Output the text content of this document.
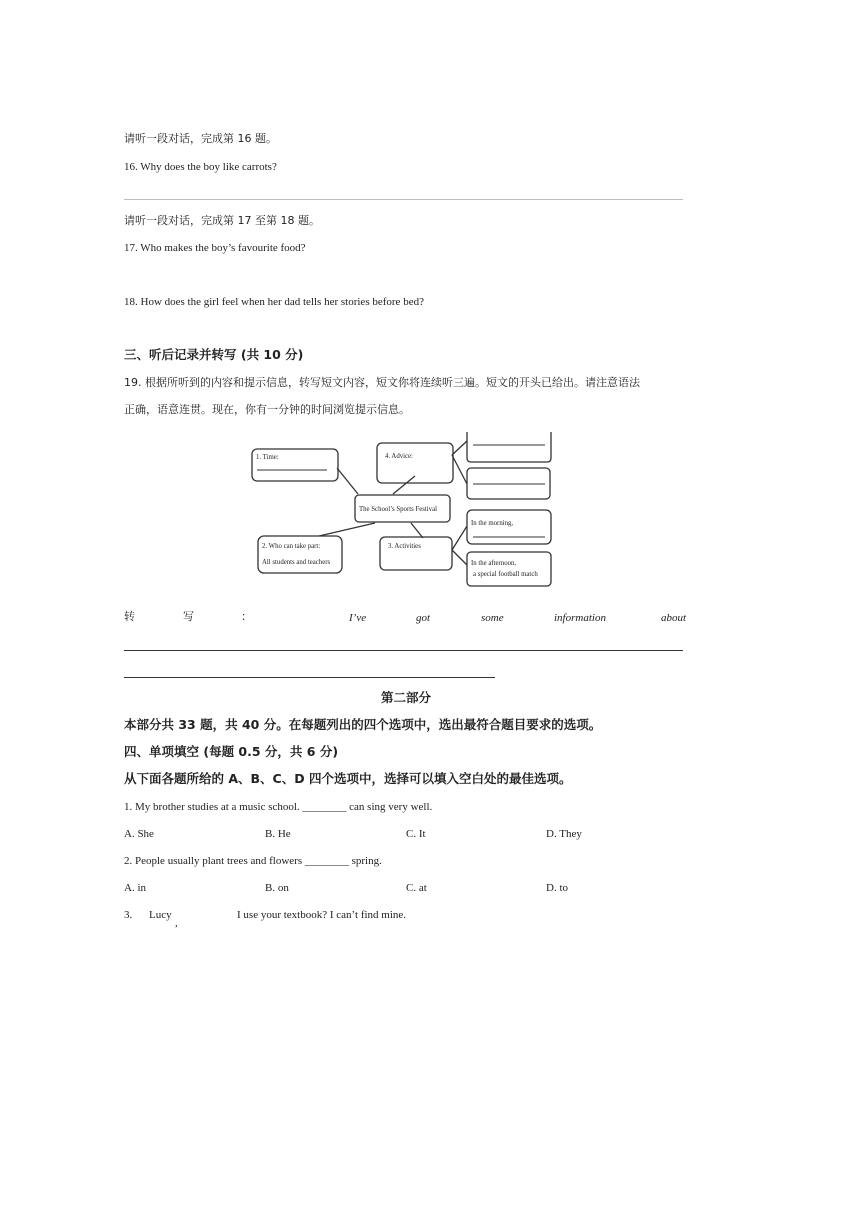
请听一段对话，完成第 16 题。
16. Why does the boy like carrots?
请听一段对话，完成第 17 至第 18 题。
17. Who makes the boy’s favourite food?
18. How does the girl feel when her dad tells her stories before bed?
三、听后记录并转写 (共 10 分)
19. 根据所听到的内容和提示信息，转写短文内容，短文你将连续听三遍。短文的开头已给出。请注意语法
正确，语意连贯。现在，你有一分钟的时间浏览提示信息。
1. Time:	4. Advice:
The School’s Sports Festival
2. Who can take part:
All students and teachers
3. Activities
In the morning,
In the afternoon,
a special football match
转	写	：	I’ve	got	some	information	about
第二部分
本部分共 33 题，共 40 分。在每题列出的四个选项中，选出最符合题目要求的选项。
四、单项填空 (每题 0.5 分，共 6 分)
从下面各题所给的 A、B、C、D 四个选项中，选择可以填入空白处的最佳选项。
1. My brother studies at a music school. ________ can sing very well.
A. She	B. He	C. It	D. They
2. People usually plant trees and flowers ________ spring.
A. in	B. on	C. at	D. to
3. Lucy
,
I use your textbook? I can’t find mine.
